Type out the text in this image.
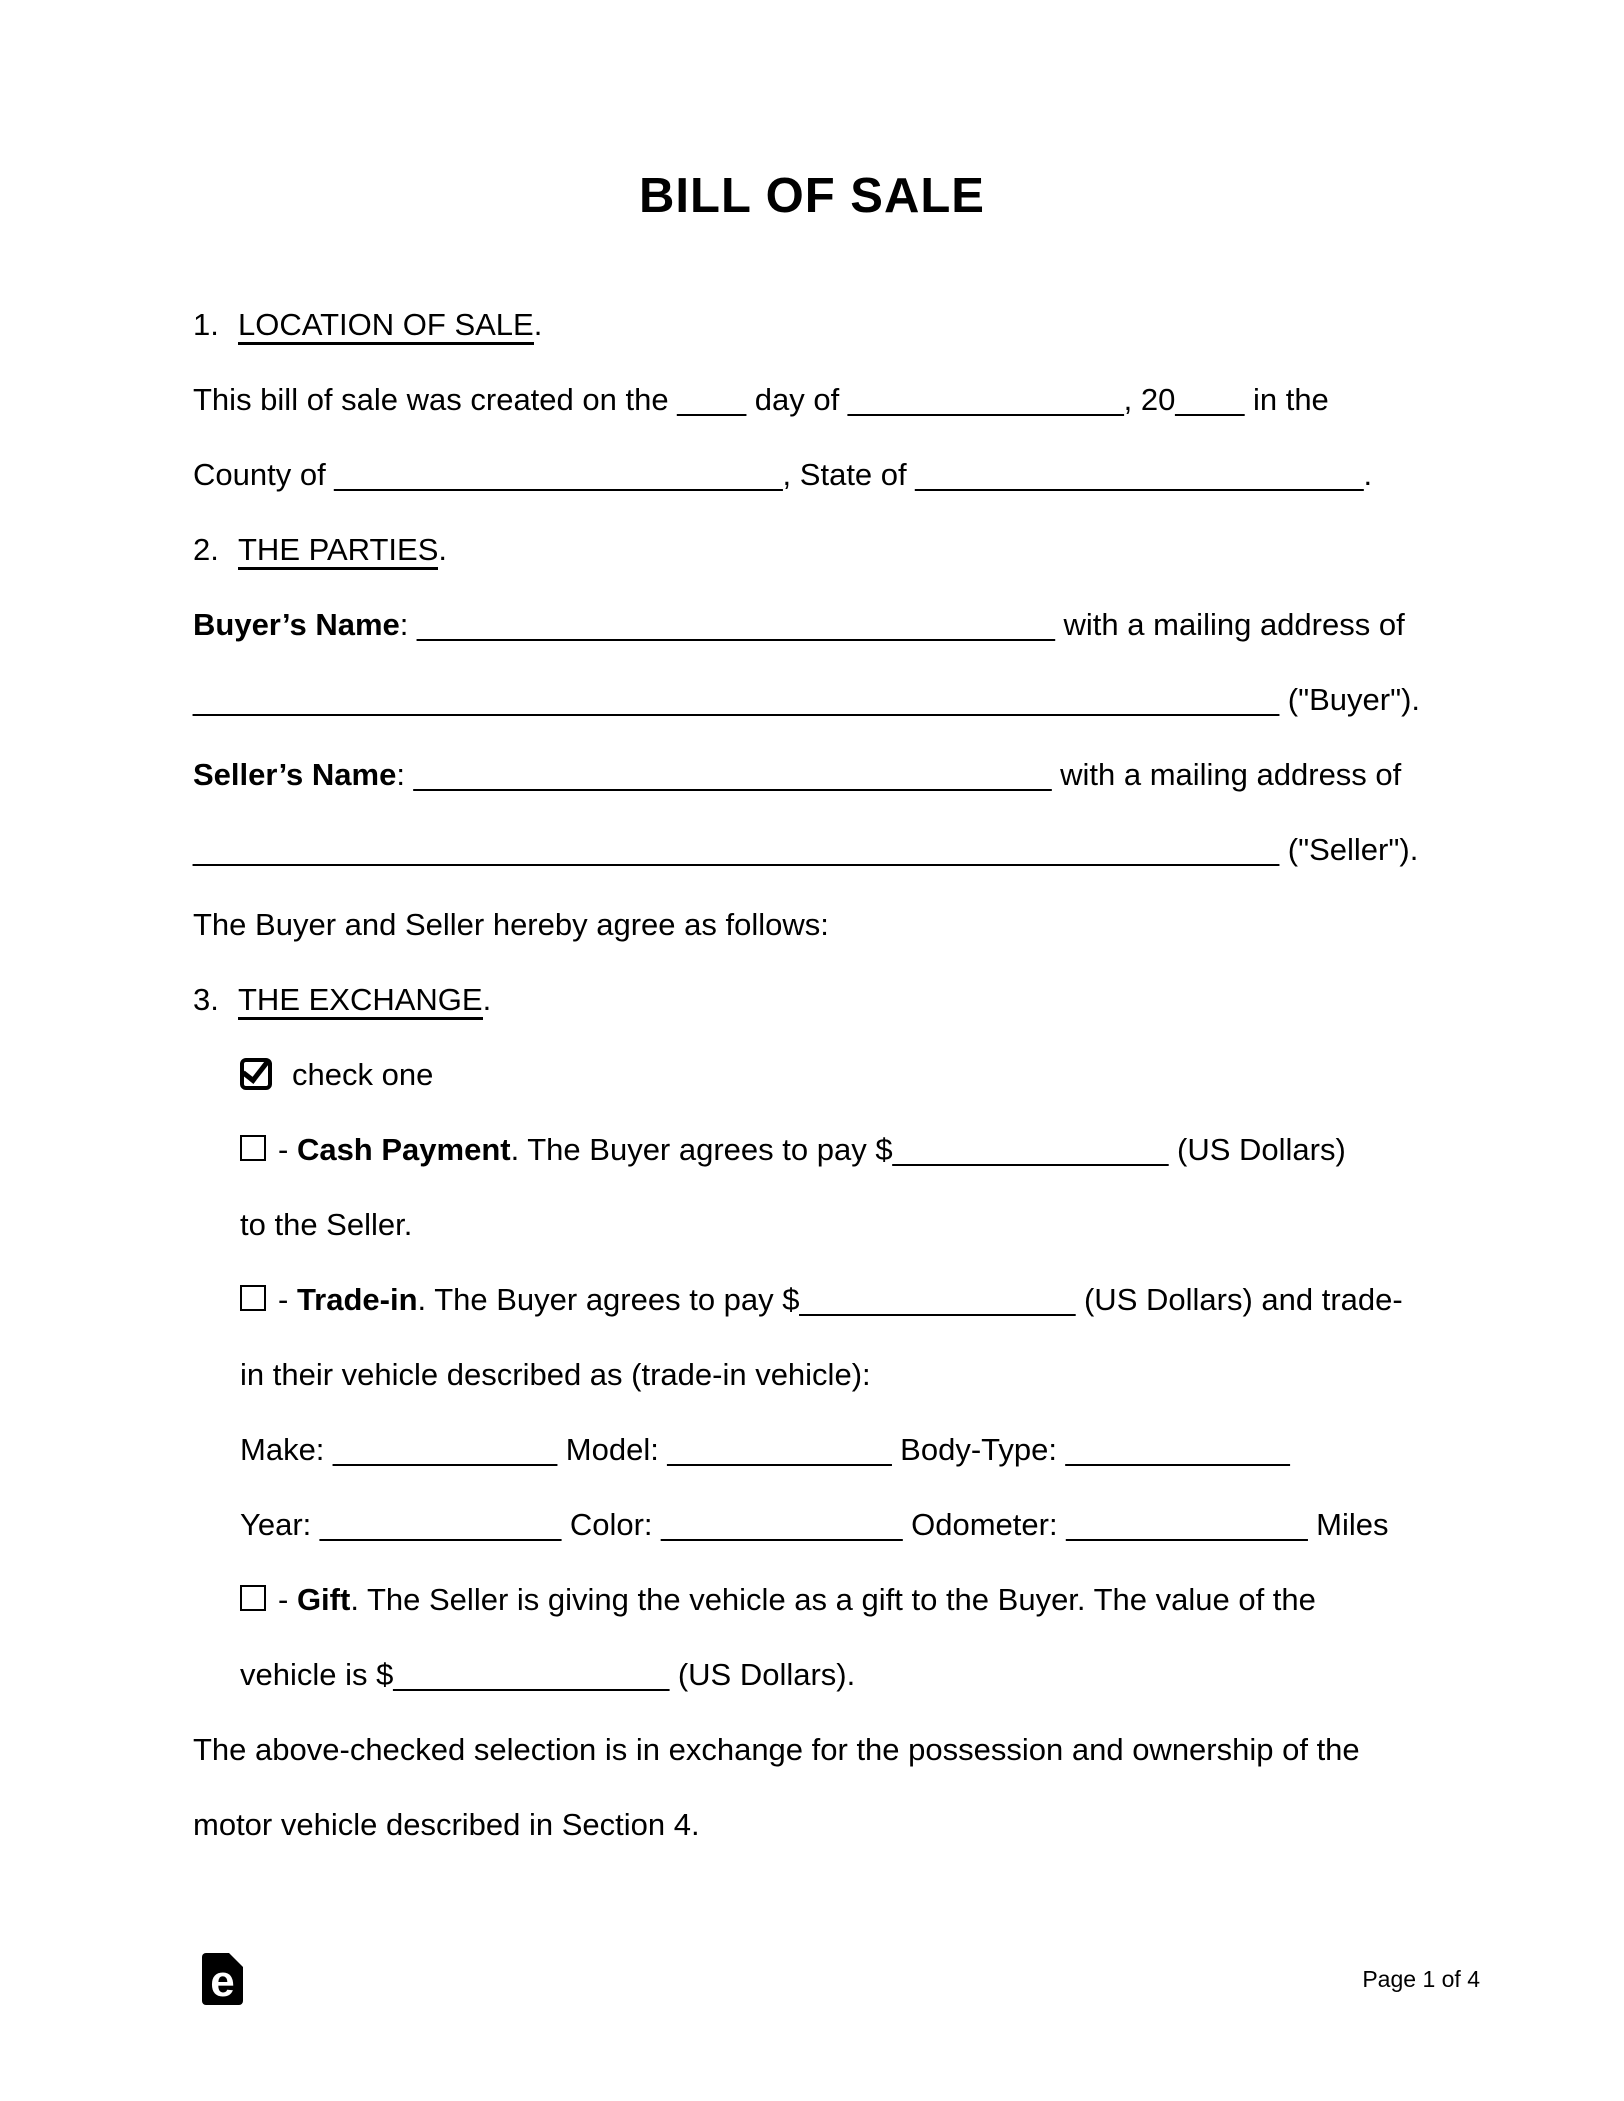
BILL OF SALE
1. LOCATION OF SALE.
This bill of sale was created on the ____ day of ________________, 20____ in the
County of __________________________, State of __________________________.
2. THE PARTIES.
Buyer’s Name: _____________________________________ with a mailing address of
_______________________________________________________________ ("Buyer").
Seller’s Name: _____________________________________ with a mailing address of
_______________________________________________________________ ("Seller").
The Buyer and Seller hereby agree as follows:
3. THE EXCHANGE.
check one
- Cash Payment. The Buyer agrees to pay $________________ (US Dollars)
to the Seller.
- Trade-in. The Buyer agrees to pay $________________ (US Dollars) and trade-
in their vehicle described as (trade-in vehicle):
Make: _____________ Model: _____________ Body-Type: _____________
Year: ______________ Color: ______________ Odometer: ______________ Miles
- Gift. The Seller is giving the vehicle as a gift to the Buyer. The value of the
vehicle is $________________ (US Dollars).
The above-checked selection is in exchange for the possession and ownership of the
motor vehicle described in Section 4.
e	Page 1 of 4
